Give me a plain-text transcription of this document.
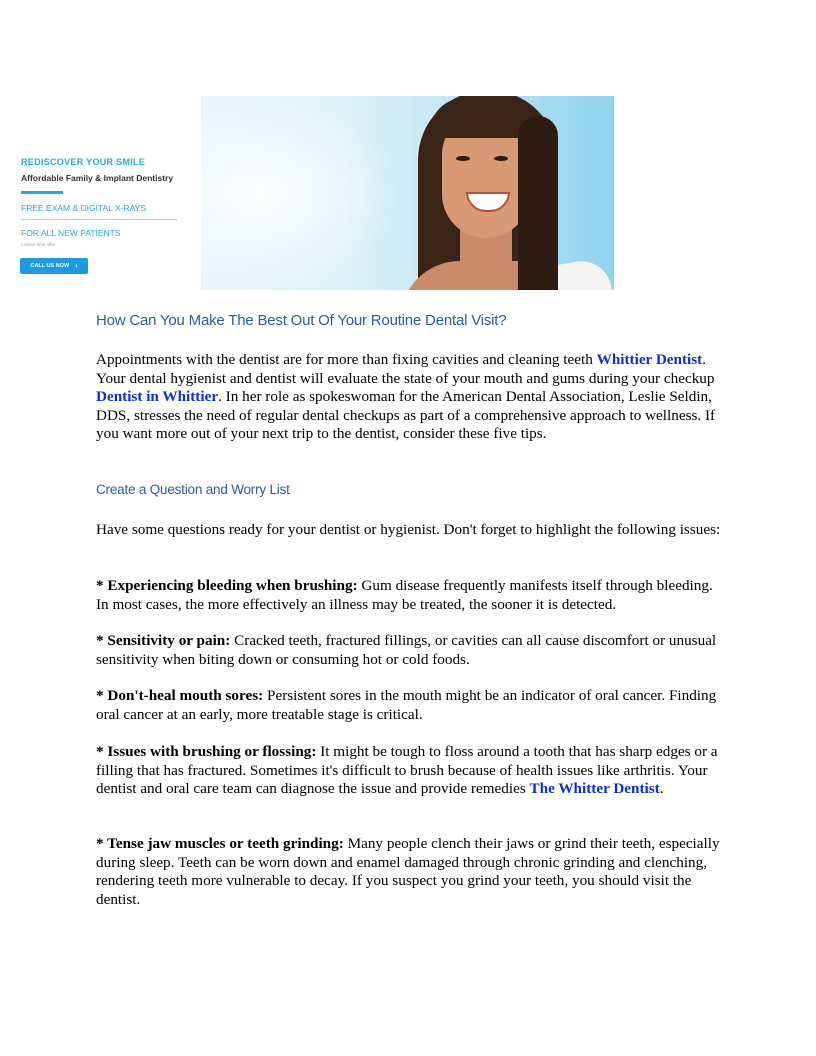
REDISCOVER YOUR SMILE

Affordable Family & Implant Dentistry
FREE EXAM & DIGITAL X-RAYS
FOR ALL NEW PATIENTS
Limited time offer
CALL US NOW ›
How Can You Make The Best Out Of Your Routine Dental Visit?

Appointments with the dentist are for more than fixing cavities and cleaning teeth Whittier Dentist. Your dental hygienist and dentist will evaluate the state of your mouth and gums during your checkup Dentist in Whittier. In her role as spokeswoman for the American Dental Association, Leslie Seldin, DDS, stresses the need of regular dental checkups as part of a comprehensive approach to wellness. If you want more out of your next trip to the dentist, consider these five tips.

Create a Question and Worry List

Have some questions ready for your dentist or hygienist. Don't forget to highlight the following issues:

* Experiencing bleeding when brushing: Gum disease frequently manifests itself through bleeding. In most cases, the more effectively an illness may be treated, the sooner it is detected.

* Sensitivity or pain: Cracked teeth, fractured fillings, or cavities can all cause discomfort or unusual sensitivity when biting down or consuming hot or cold foods.

* Don't-heal mouth sores: Persistent sores in the mouth might be an indicator of oral cancer. Finding oral cancer at an early, more treatable stage is critical.

* Issues with brushing or flossing: It might be tough to floss around a tooth that has sharp edges or a filling that has fractured. Sometimes it's difficult to brush because of health issues like arthritis. Your dentist and oral care team can diagnose the issue and provide remedies The Whitter Dentist.

* Tense jaw muscles or teeth grinding: Many people clench their jaws or grind their teeth, especially during sleep. Teeth can be worn down and enamel damaged through chronic grinding and clenching, rendering teeth more vulnerable to decay. If you suspect you grind your teeth, you should visit the dentist.
